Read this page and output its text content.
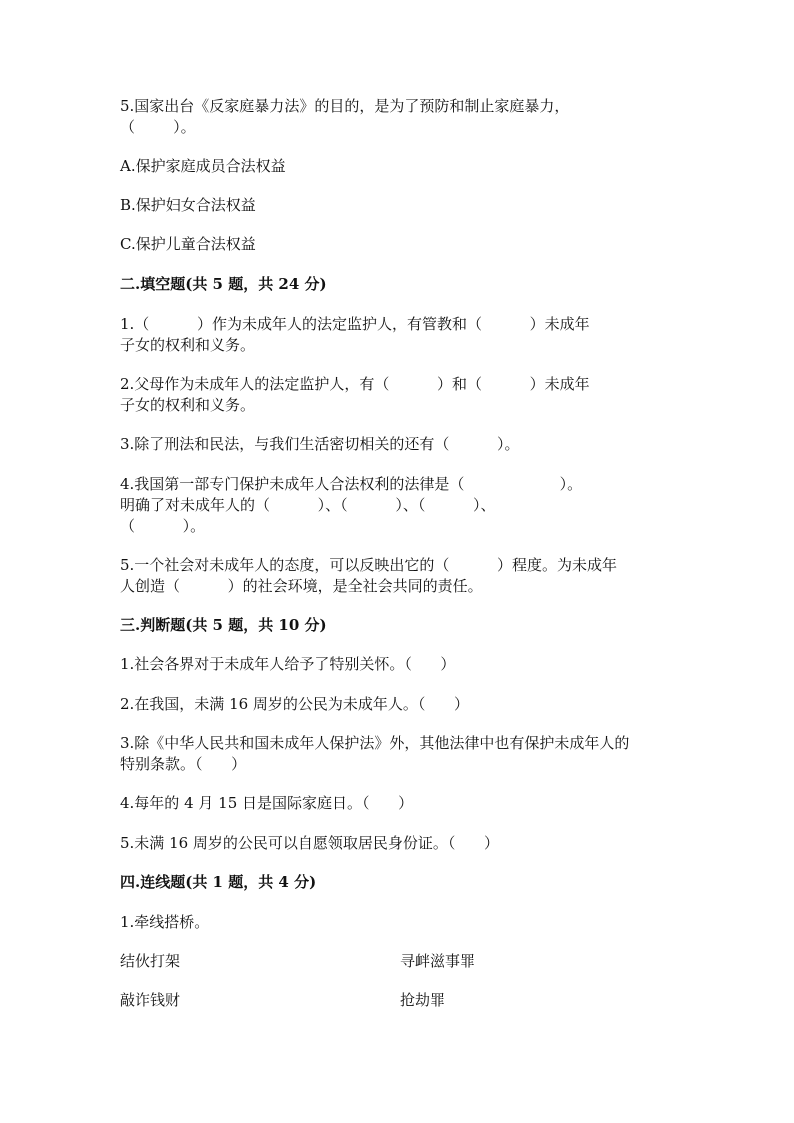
5.国家出台《反家庭暴力法》的目的，是为了预防和制止家庭暴力，
（        ）。
A.保护家庭成员合法权益
B.保护妇女合法权益
C.保护儿童合法权益
二.填空题(共 5 题，共 24 分)
1.（          ）作为未成年人的法定监护人，有管教和（          ）未成年
子女的权利和义务。
2.父母作为未成年人的法定监护人，有（          ）和（          ）未成年
子女的权利和义务。
3.除了刑法和民法，与我们生活密切相关的还有（          ）。
4.我国第一部专门保护未成年人合法权利的法律是（                    ）。
明确了对未成年人的（          ）、（          ）、（          ）、
（          ）。
5.一个社会对未成年人的态度，可以反映出它的（          ）程度。为未成年
人创造（          ）的社会环境，是全社会共同的责任。
三.判断题(共 5 题，共 10 分)
1.社会各界对于未成年人给予了特别关怀。（      ）
2.在我国，未满 16 周岁的公民为未成年人。（      ）
3.除《中华人民共和国未成年人保护法》外，其他法律中也有保护未成年人的
特别条款。（      ）
4.每年的 4 月 15 日是国际家庭日。（      ）
5.未满 16 周岁的公民可以自愿领取居民身份证。（      ）
四.连线题(共 1 题，共 4 分)
1.牵线搭桥。
结伙打架	寻衅滋事罪
敲诈钱财	抢劫罪
